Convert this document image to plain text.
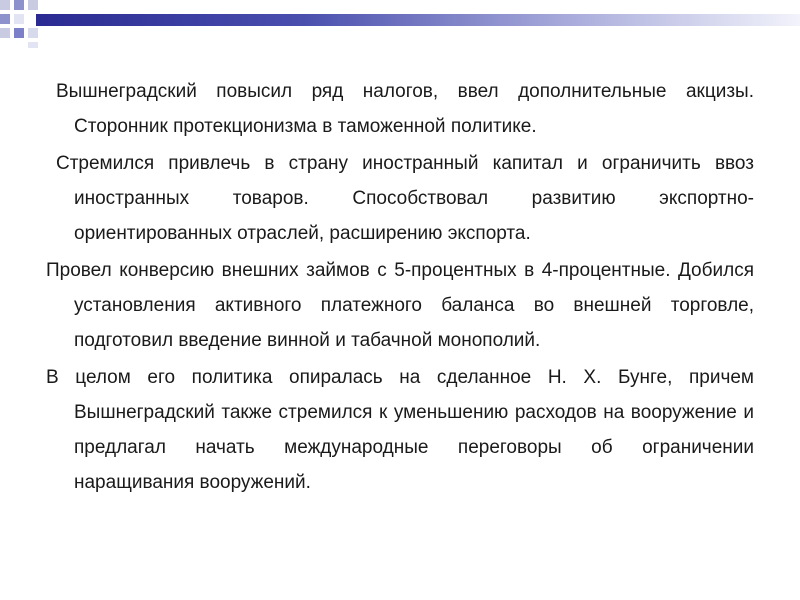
Вышнеградский повысил ряд налогов, ввел дополнительные акцизы. Сторонник протекционизма в таможенной политике.

Стремился привлечь в страну иностранный капитал и ограничить ввоз иностранных товаров. Способствовал развитию экспортно-ориентированных отраслей, расширению экспорта.

Провел конверсию внешних займов с 5-процентных в 4-процентные. Добился установления активного платежного баланса во внешней торговле, подготовил введение винной и табачной монополий.

В целом его политика опиралась на сделанное Н. Х. Бунге, причем Вышнеградский также стремился к уменьшению расходов на вооружение и предлагал начать международные переговоры об ограничении наращивания вооружений.
